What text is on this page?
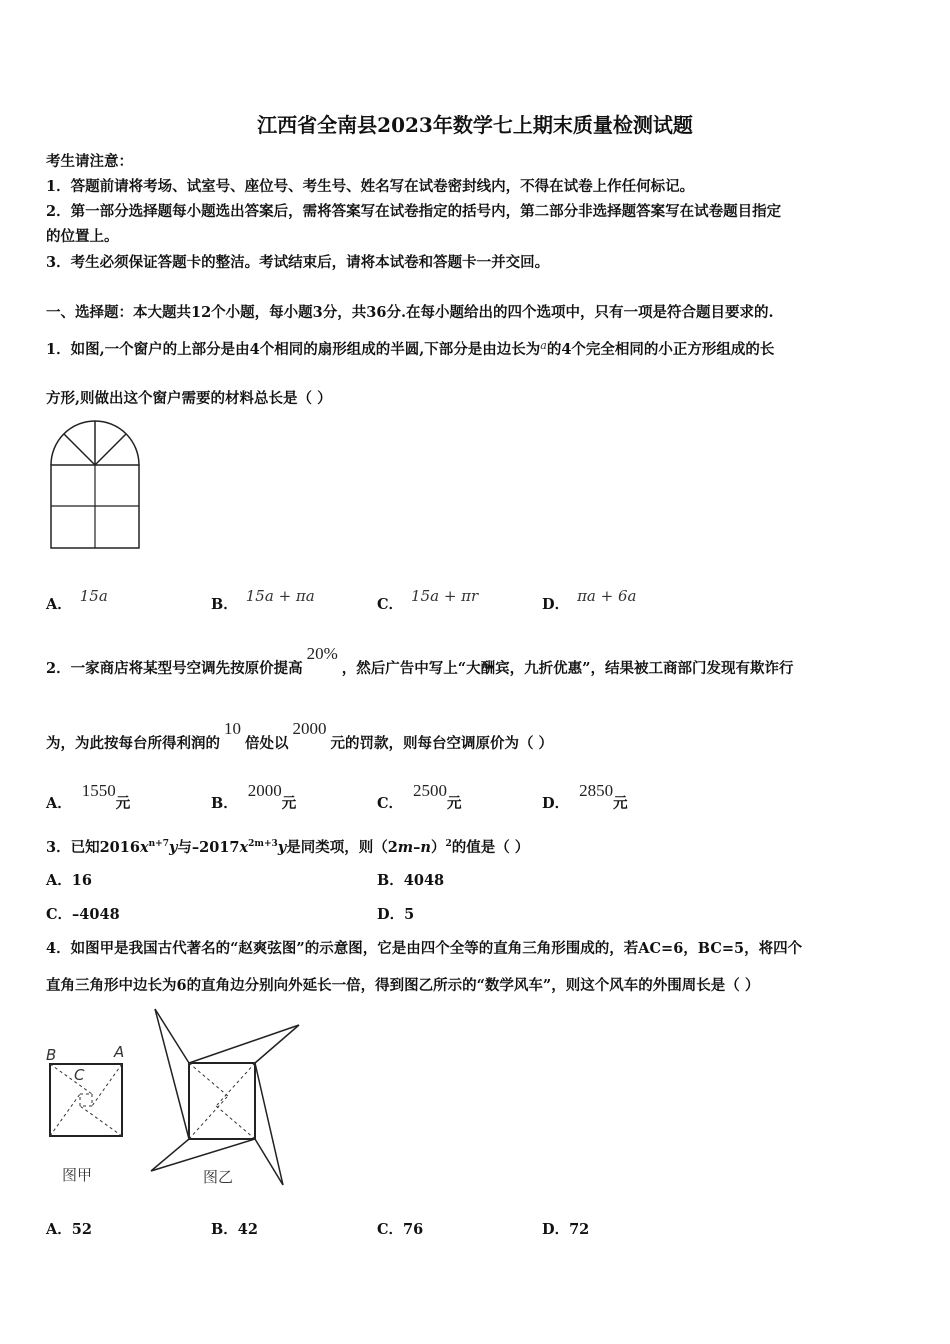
江西省全南县2023年数学七上期末质量检测试题
考生请注意：
1．答题前请将考场、试室号、座位号、考生号、姓名写在试卷密封线内，不得在试卷上作任何标记。
2．第一部分选择题每小题选出答案后，需将答案写在试卷指定的括号内，第二部分非选择题答案写在试卷题目指定
的位置上。
3．考生必须保证答题卡的整洁。考试结束后，请将本试卷和答题卡一并交回。
一、选择题：本大题共12个小题，每小题3分，共36分.在每小题给出的四个选项中，只有一项是符合题目要求的.
1．如图,一个窗户的上部分是由4个相同的扇形组成的半圆,下部分是由边长为$^a$的4个完全相同的小正方形组成的长
方形,则做出这个窗户需要的材料总长是（ ）
A． 15a	B． 15a + πa	C． 15a + πr	D． πa + 6a
2．一家商店将某型号空调先按原价提高20%，然后广告中写上“大酬宾，九折优惠”，结果被工商部门发现有欺诈行
为，为此按每台所得利润的10倍处以2000元的罚款，则每台空调原价为（ ）
A．1550元	B．2000元	C．2500元	D．2850元
3．已知$2016x^{n+7}y$与$-2017x^{2m+3}y$是同类项，则$(2m-n)^2$的值是（ ）
A．16	B．4048
C．–4048	D．5
4．如图甲是我国古代著名的“赵爽弦图”的示意图，它是由四个全等的直角三角形围成的，若AC=6，BC=5，将四个
直角三角形中边长为6的直角边分别向外延长一倍，得到图乙所示的“数学风车”，则这个风车的外围周长是（ ）
B	A
C
图甲	图乙
A．52	B．42	C．76	D．72
